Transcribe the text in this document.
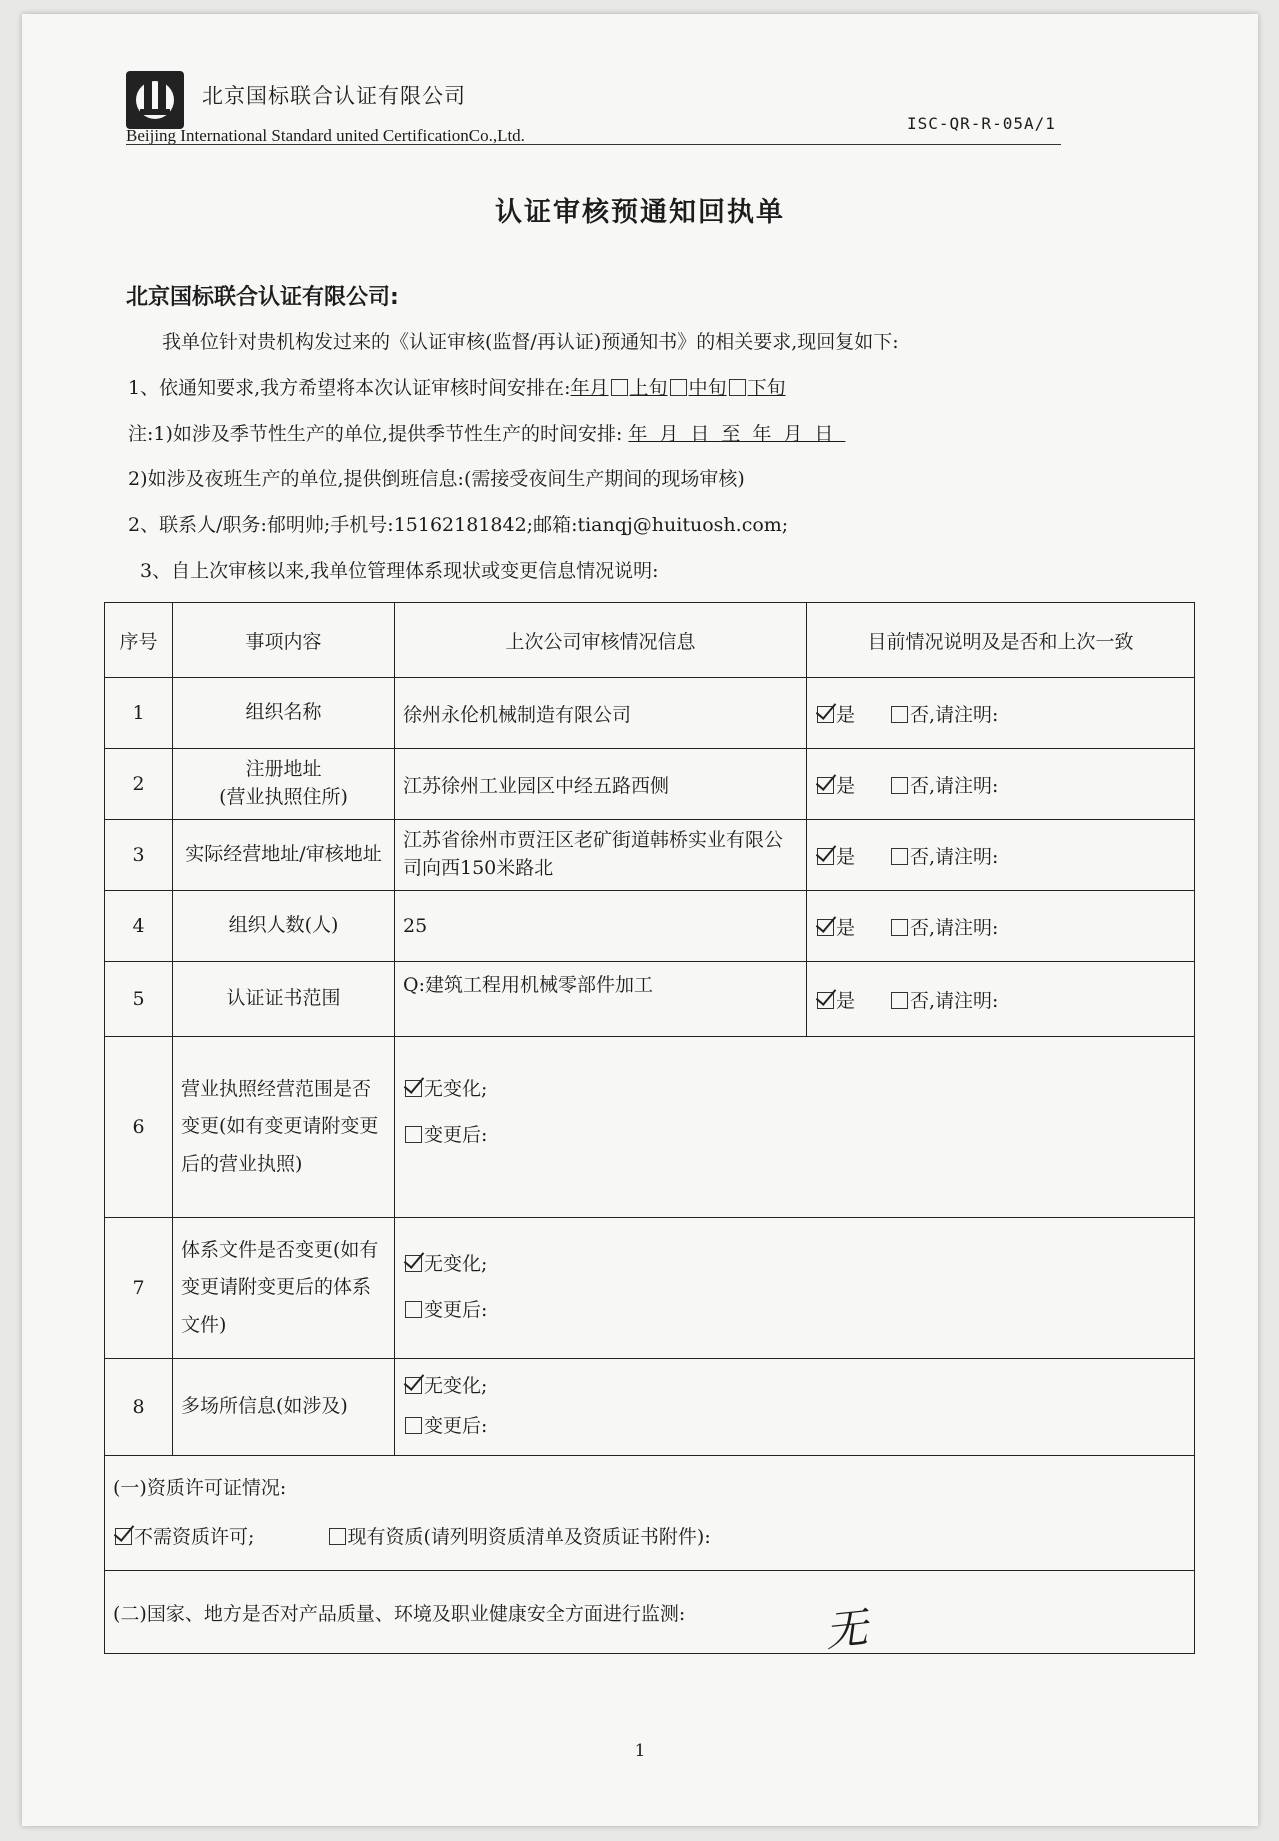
北京国标联合认证有限公司
Beijing International Standard united CertificationCo.,Ltd.
ISC-QR-R-05A/1
认证审核预通知回执单
北京国标联合认证有限公司:
我单位针对贵机构发过来的《认证审核(监督/再认证)预通知书》的相关要求,现回复如下:
1、依通知要求,我方希望将本次认证审核时间安排在:年月 上旬 中旬 下旬
注:1)如涉及季节性生产的单位,提供季节性生产的时间安排: 年月日至年月日
2)如涉及夜班生产的单位,提供倒班信息:(需接受夜间生产期间的现场审核)
2、联系人/职务:郁明帅;手机号:15162181842;邮箱:tianqj@huituosh.com;
3、自上次审核以来,我单位管理体系现状或变更信息情况说明:
序号	事项内容	上次公司审核情况信息	目前情况说明及是否和上次一致
1	组织名称	徐州永伦机械制造有限公司	是 否,请注明:
2	注册地址
(营业执照住所)	江苏徐州工业园区中经五路西侧	是 否,请注明:
3	实际经营地址/审核地址	江苏省徐州市贾汪区老矿街道韩桥实业有限公司向西150米路北	是 否,请注明:
4	组织人数(人)	25	是 否,请注明:
5	认证证书范围	Q:建筑工程用机械零部件加工	是 否,请注明:
6	营业执照经营范围是否变更(如有变更请附变更后的营业执照)	无变化;
变更后:	

7	体系文件是否变更(如有变更请附变更后的体系文件)	无变化;
变更后:	

8	多场所信息(如涉及)	无变化;
变更后:	

(一)资质许可证情况:
不需资质许可; 现有资质(请列明资质清单及资质证书附件):			

(二)国家、地方是否对产品质量、环境及职业健康安全方面进行监测: 无			
1
